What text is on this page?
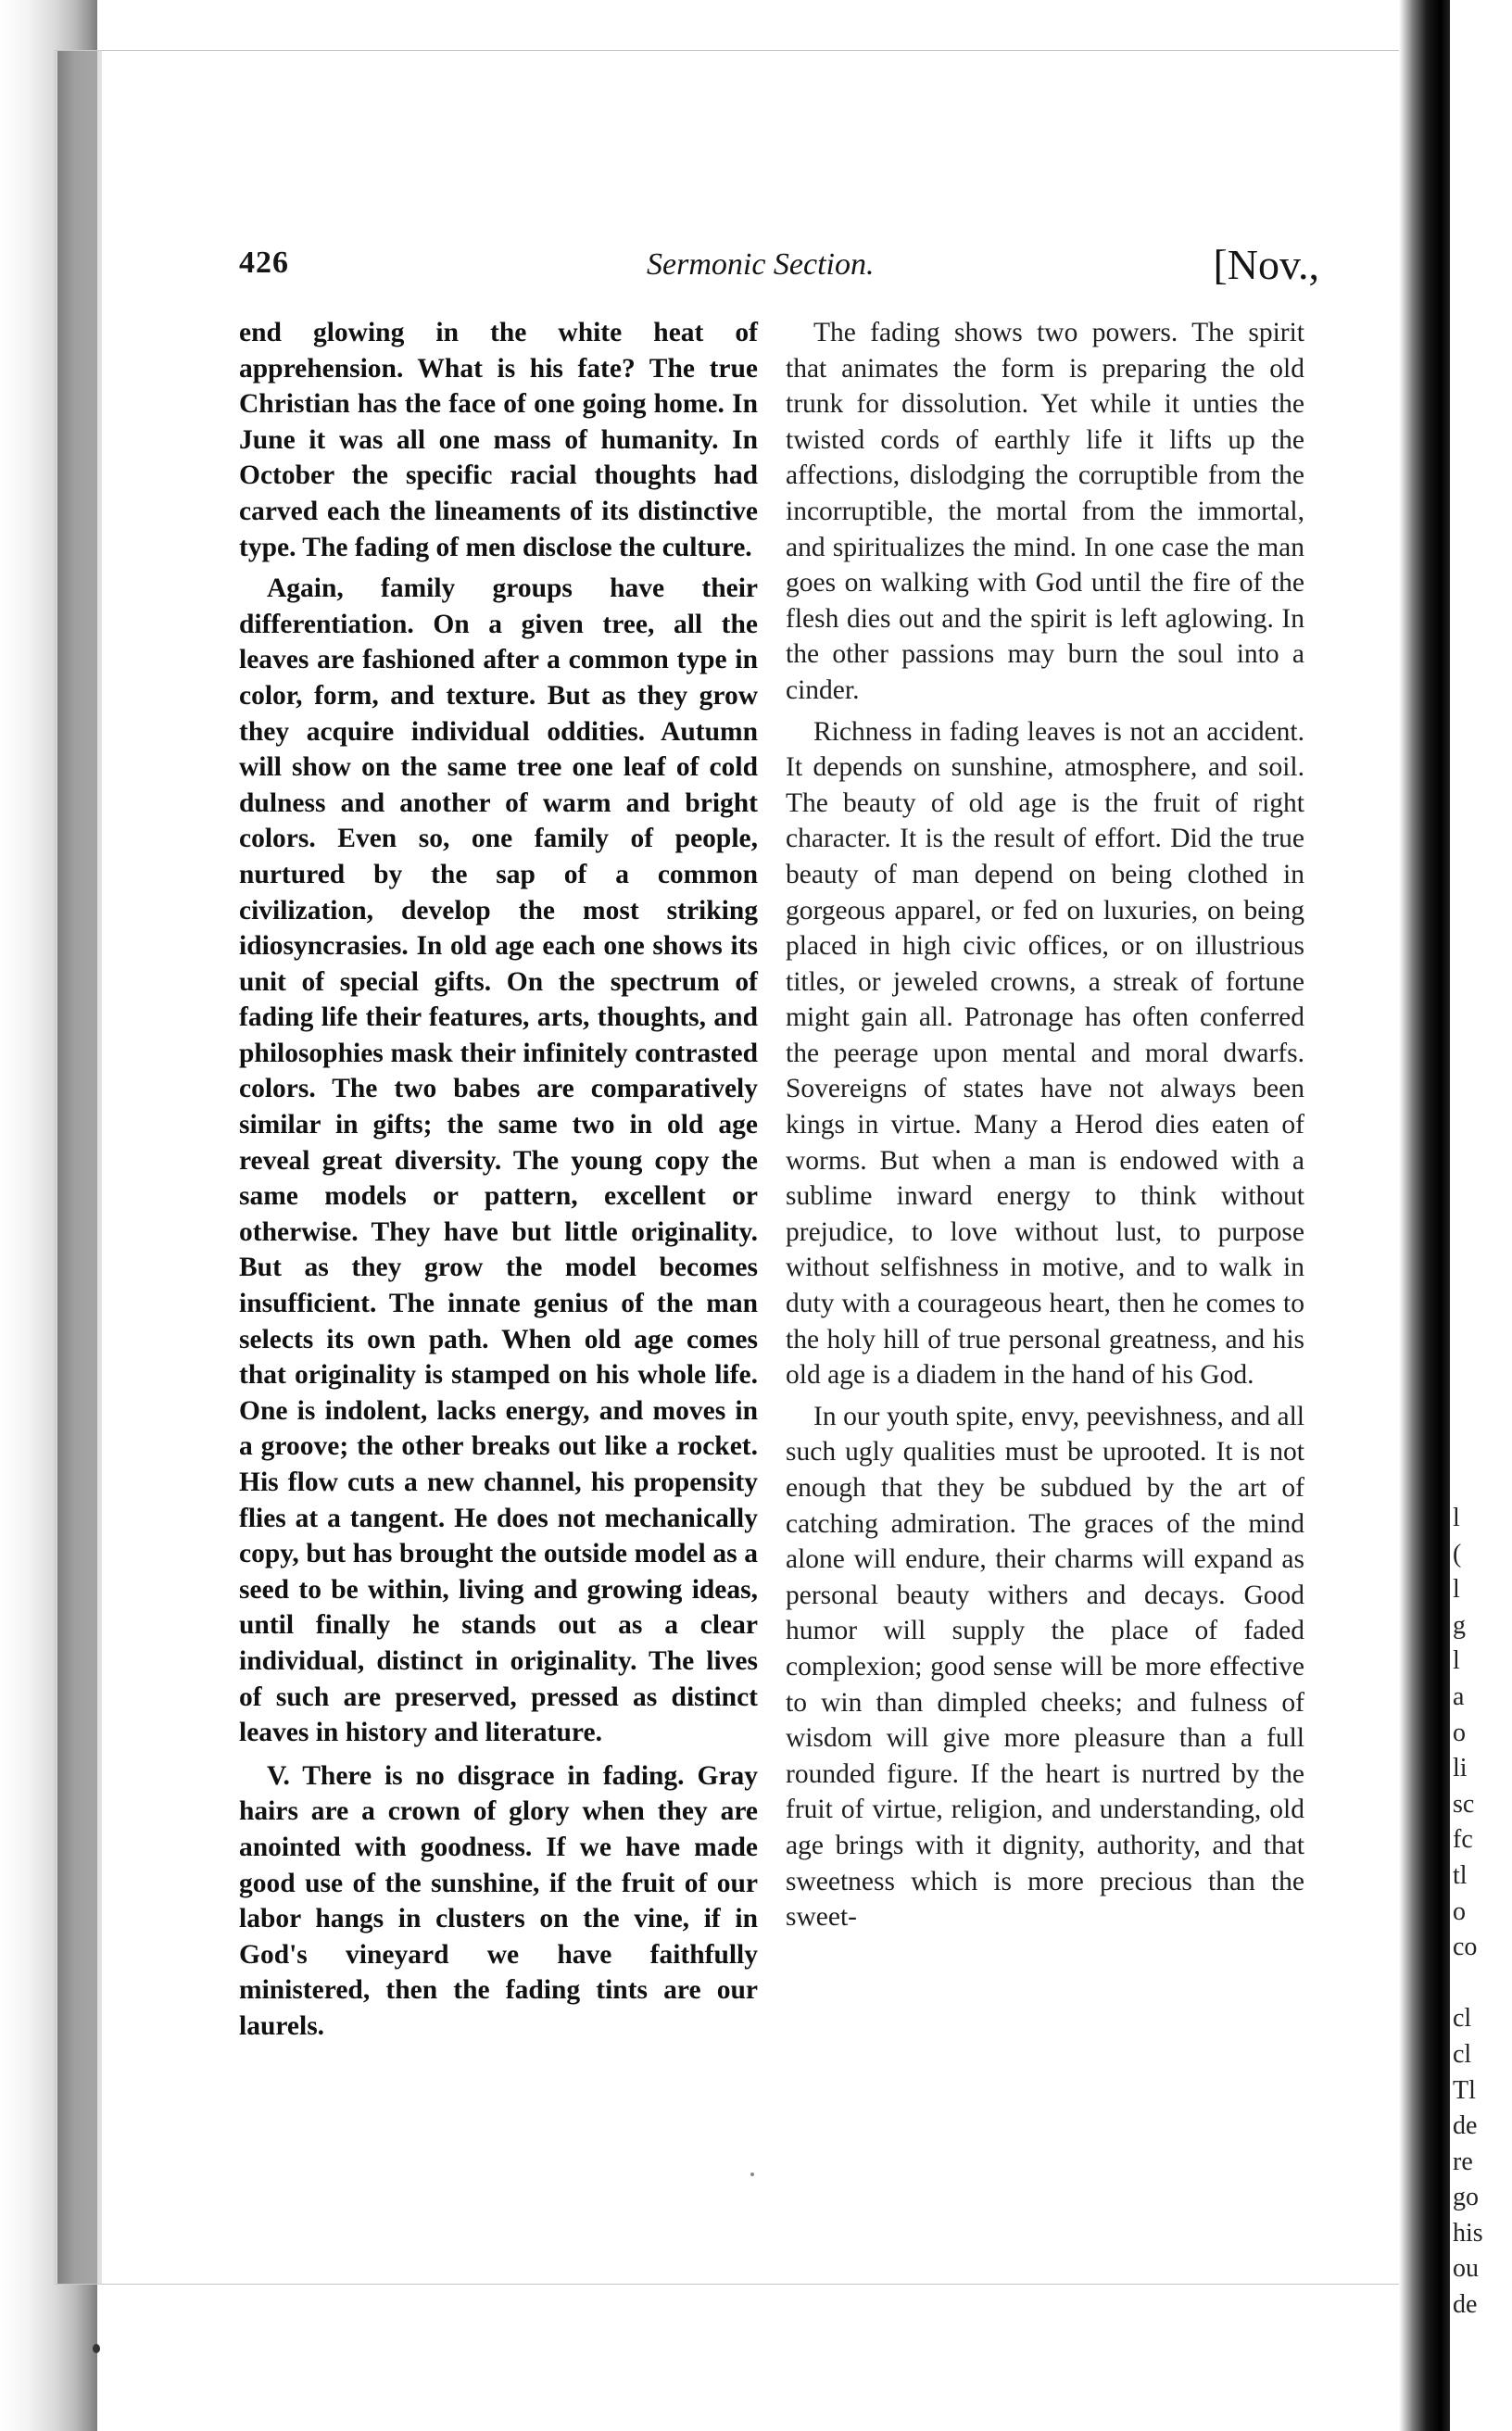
426	Sermonic Section.	[Nov.,

end glowing in the white heat of apprehension. What is his fate? The true Christian has the face of one going home. In June it was all one mass of humanity. In October the specific racial thoughts had carved each the lineaments of its distinctive type. The fading of men disclose the culture.

Again, family groups have their differentiation. On a given tree, all the leaves are fashioned after a common type in color, form, and texture. But as they grow they acquire individual oddities. Autumn will show on the same tree one leaf of cold dulness and another of warm and bright colors. Even so, one family of people, nurtured by the sap of a common civilization, develop the most striking idiosyncrasies. In old age each one shows its unit of special gifts. On the spectrum of fading life their features, arts, thoughts, and philosophies mask their infinitely contrasted colors. The two babes are comparatively similar in gifts; the same two in old age reveal great diversity. The young copy the same models or pattern, excellent or otherwise. They have but little originality. But as they grow the model becomes insufficient. The innate genius of the man selects its own path. When old age comes that originality is stamped on his whole life. One is indolent, lacks energy, and moves in a groove; the other breaks out like a rocket. His flow cuts a new channel, his propensity flies at a tangent. He does not mechanically copy, but has brought the outside model as a seed to be within, living and growing ideas, until finally he stands out as a clear individual, distinct in originality. The lives of such are preserved, pressed as distinct leaves in history and literature.

V. There is no disgrace in fading. Gray hairs are a crown of glory when they are anointed with goodness. If we have made good use of the sunshine, if the fruit of our labor hangs in clusters on the vine, if in God's vineyard we have faithfully ministered, then the fading tints are our laurels.

The fading shows two powers. The spirit that animates the form is preparing the old trunk for dissolution. Yet while it unties the twisted cords of earthly life it lifts up the affections, dislodging the corruptible from the incorruptible, the mortal from the immortal, and spiritualizes the mind. In one case the man goes on walking with God until the fire of the flesh dies out and the spirit is left aglowing. In the other passions may burn the soul into a cinder.

Richness in fading leaves is not an accident. It depends on sunshine, atmosphere, and soil. The beauty of old age is the fruit of right character. It is the result of effort. Did the true beauty of man depend on being clothed in gorgeous apparel, or fed on luxuries, on being placed in high civic offices, or on illustrious titles, or jeweled crowns, a streak of fortune might gain all. Patronage has often conferred the peerage upon mental and moral dwarfs. Sovereigns of states have not always been kings in virtue. Many a Herod dies eaten of worms. But when a man is endowed with a sublime inward energy to think without prejudice, to love without lust, to purpose without selfishness in motive, and to walk in duty with a courageous heart, then he comes to the holy hill of true personal greatness, and his old age is a diadem in the hand of his God.

In our youth spite, envy, peevishness, and all such ugly qualities must be uprooted. It is not enough that they be subdued by the art of catching admiration. The graces of the mind alone will endure, their charms will expand as personal beauty withers and decays. Good humor will supply the place of faded complexion; good sense will be more effective to win than dimpled cheeks; and fulness of wisdom will give more pleasure than a full rounded figure. If the heart is nurtred by the fruit of virtue, religion, and understanding, old age brings with it dignity, authority, and that sweetness which is more precious than the sweet-

l
(
l
g
l
a
o
li
sc
fc
tl
o
co

cl
cl
Tl
de
re
go
his
ou
de
